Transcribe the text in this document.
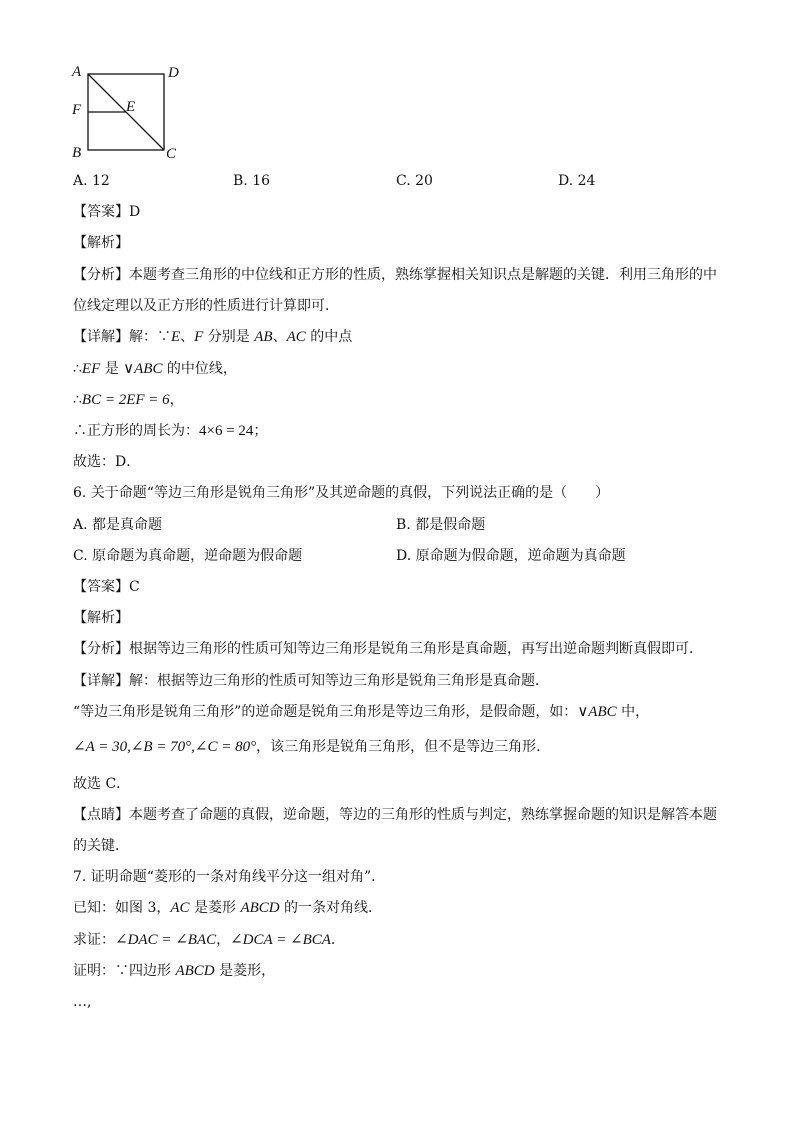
A	D
F	E
B	C
A. 12	B. 16	C. 20	D. 24
【答案】D
【解析】
【分析】本题考查三角形的中位线和正方形的性质，熟练掌握相关知识点是解题的关键．利用三角形的中
位线定理以及正方形的性质进行计算即可．
【详解】解：∵E、F 分别是 AB、AC 的中点
∴EF 是 ∨ABC 的中位线，
∴BC = 2EF = 6，
∴正方形的周长为：4×6 = 24；
故选：D．
6. 关于命题“等边三角形是锐角三角形”及其逆命题的真假，下列说法正确的是（　　）
A. 都是真命题	B. 都是假命题
C. 原命题为真命题，逆命题为假命题	D. 原命题为假命题，逆命题为真命题
【答案】C
【解析】
【分析】根据等边三角形的性质可知等边三角形是锐角三角形是真命题，再写出逆命题判断真假即可．
【详解】解：根据等边三角形的性质可知等边三角形是锐角三角形是真命题．
“等边三角形是锐角三角形”的逆命题是锐角三角形是等边三角形，是假命题，如：∨ABC 中，
∠A = 30,∠B = 70°,∠C = 80°，该三角形是锐角三角形，但不是等边三角形．
故选 C．
【点睛】本题考查了命题的真假，逆命题，等边的三角形的性质与判定，熟练掌握命题的知识是解答本题
的关键．
7. 证明命题“菱形的一条对角线平分这一组对角”．
已知：如图 3，AC 是菱形 ABCD 的一条对角线．
求证：∠DAC = ∠BAC，∠DCA = ∠BCA．
证明：∵四边形 ABCD 是菱形，
…,
